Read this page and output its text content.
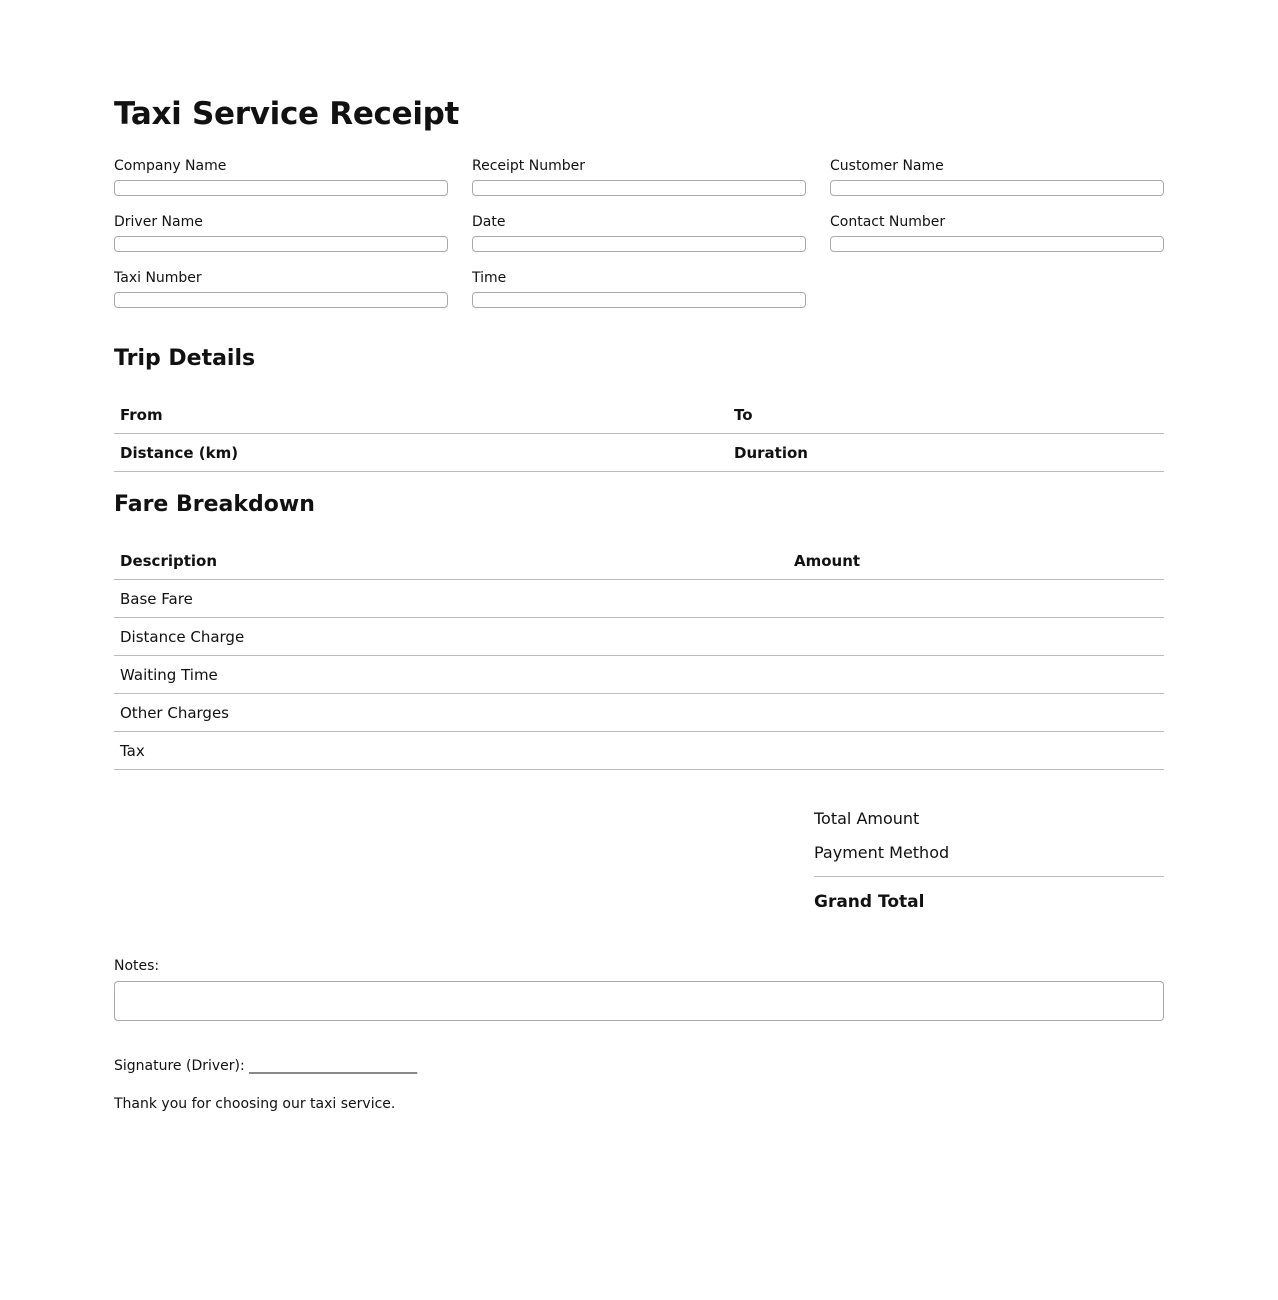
Taxi Service Receipt
Company Name	Receipt Number	Customer Name
Driver Name	Date	Contact Number
Taxi Number	Time
Trip Details
From	To
Distance (km)	Duration
Fare Breakdown
Description	Amount
Base Fare	
Distance Charge	
Waiting Time	
Other Charges	
Tax	
Total Amount
Payment Method
Grand Total
Notes:
Signature (Driver): ________________________
Thank you for choosing our taxi service.
